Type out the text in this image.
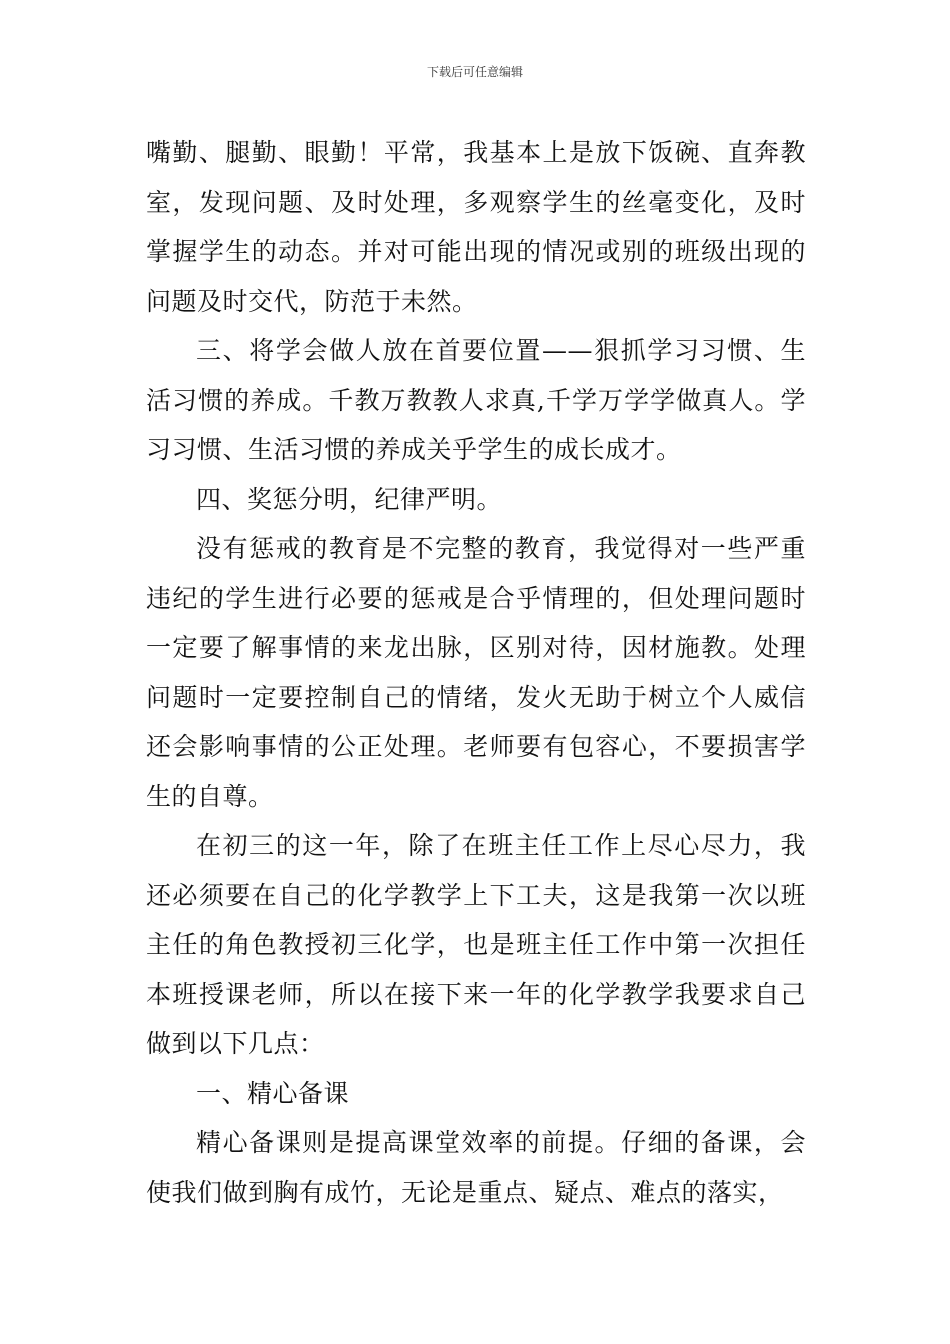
下载后可任意编辑

嘴勤、腿勤、眼勤！平常，我基本上是放下饭碗、直奔教室，发现问题、及时处理，多观察学生的丝毫变化，及时掌握学生的动态。并对可能出现的情况或别的班级出现的问题及时交代，防范于未然。

三、将学会做人放在首要位置——狠抓学习习惯、生活习惯的养成。千教万教教人求真,千学万学学做真人。学习习惯、生活习惯的养成关乎学生的成长成才。

四、奖惩分明，纪律严明。

没有惩戒的教育是不完整的教育，我觉得对一些严重违纪的学生进行必要的惩戒是合乎情理的，但处理问题时一定要了解事情的来龙出脉，区别对待，因材施教。处理问题时一定要控制自己的情绪，发火无助于树立个人威信还会影响事情的公正处理。老师要有包容心，不要损害学生的自尊。

在初三的这一年，除了在班主任工作上尽心尽力，我还必须要在自己的化学教学上下工夫，这是我第一次以班主任的角色教授初三化学，也是班主任工作中第一次担任本班授课老师，所以在接下来一年的化学教学我要求自己做到以下几点：

一、精心备课

精心备课则是提高课堂效率的前提。仔细的备课，会使我们做到胸有成竹，无论是重点、疑点、难点的落实，
